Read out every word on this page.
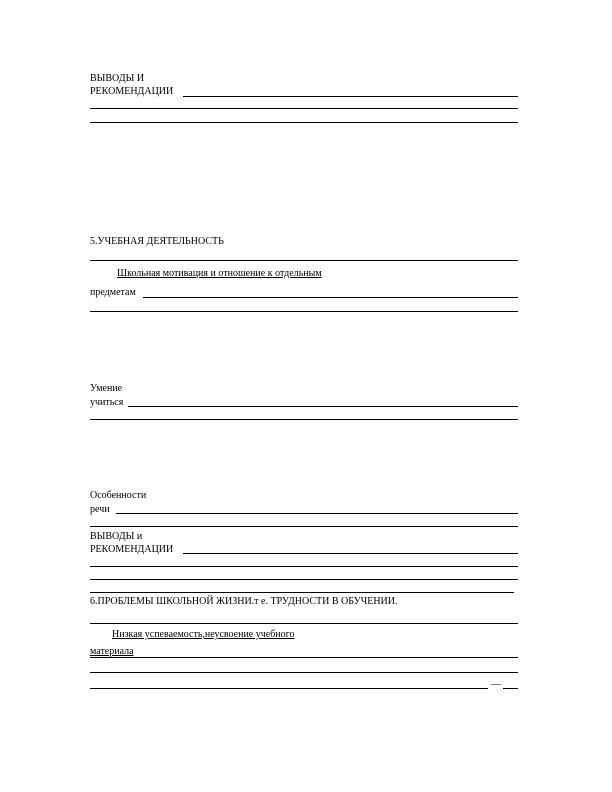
ВЫВОДЫ И
РЕКОМЕНДАЦИИ
5.УЧЕБНАЯ ДЕЯТЕЛЬНОСТЬ
Школьная мотивация и отношение к отдельным
предметам
Умение
учиться
Особенности
речи
ВЫВОДЫ и
РЕКОМЕНДАЦИИ
6.ПРОБЛЕМЫ ШКОЛЬНОЙ ЖИЗНИ.т е. ТРУДНОСТИ В ОБУЧЕНИИ.
Низкая успеваемость,неусвоение учебного
материала
—
